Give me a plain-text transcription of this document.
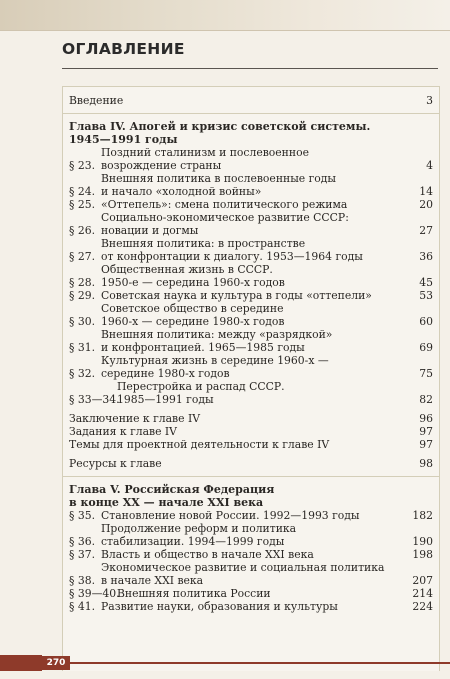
ОГЛАВЛЕНИЕ
Введение	3
Глава IV. Апогей и кризис советской системы.
1945—1991 годы
§ 23.
Поздний сталинизм и послевоенное
возрождение страны	4
§ 24.
Внешняя политика в послевоенные годы
и начало «холодной войны»	14
§ 25. «Оттепель»: смена политического режима	20
§ 26.
Социально-экономическое развитие СССР:
новации и догмы	27
§ 27.
Внешняя политика: в пространстве
от конфронтации к диалогу. 1953—1964 годы	36
§ 28.
Общественная жизнь в СССР.
1950-е — середина 1960-х годов	45
§ 29. Советская наука и культура в годы «оттепели»	53
§ 30.
Советское общество в середине
1960-х — середине 1980-х годов	60
§ 31.
Внешняя политика: между «разрядкой»
и конфронтацией. 1965—1985 годы	69
§ 32.
Культурная жизнь в середине 1960-х —
середине 1980-х годов	75
§ 33—34.
Перестройка и распад СССР.
1985—1991 годы	82
Заключение к главе IV	96
Задания к главе IV	97
Темы для проектной деятельности к главе IV	97
Ресурсы к главе	98
Глава V. Российская Федерация
в конце XX — начале XXI века
§ 35. Становление новой России. 1992—1993 годы	182
§ 36.
Продолжение реформ и политика
стабилизации. 1994—1999 годы	190
§ 37. Власть и общество в начале XXI века	198
§ 38.
Экономическое развитие и социальная политика
в начале XXI века	207
§ 39—40.
Внешняя политика России	214
§ 41. Развитие науки, образования и культуры	224
270
